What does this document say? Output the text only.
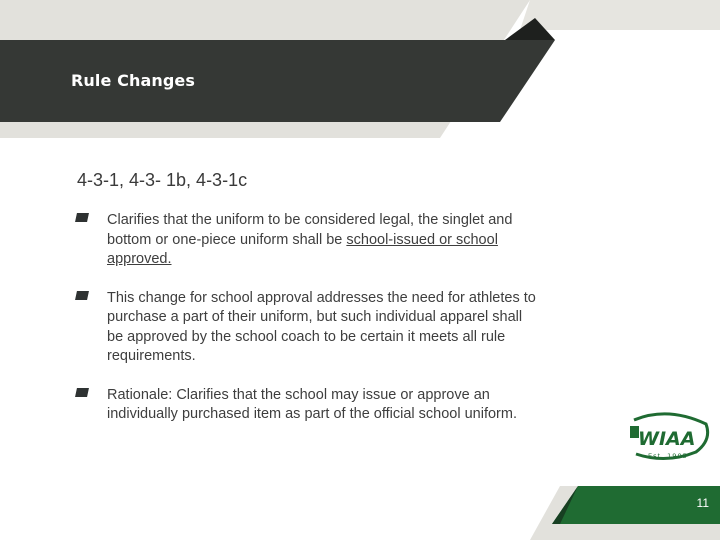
Rule Changes
4-3-1, 4-3- 1b, 4-3-1c
Clarifies that the uniform to be considered legal, the singlet and bottom or one-piece uniform shall be school-issued or school approved.
This change for school approval addresses the need for athletes to purchase a part of their uniform, but such individual apparel shall be approved by the school coach to be certain it meets all rule requirements.
Rationale: Clarifies that the school may issue or approve an individually purchased item as part of the official school uniform.
WIAA
Est. 1905
11
